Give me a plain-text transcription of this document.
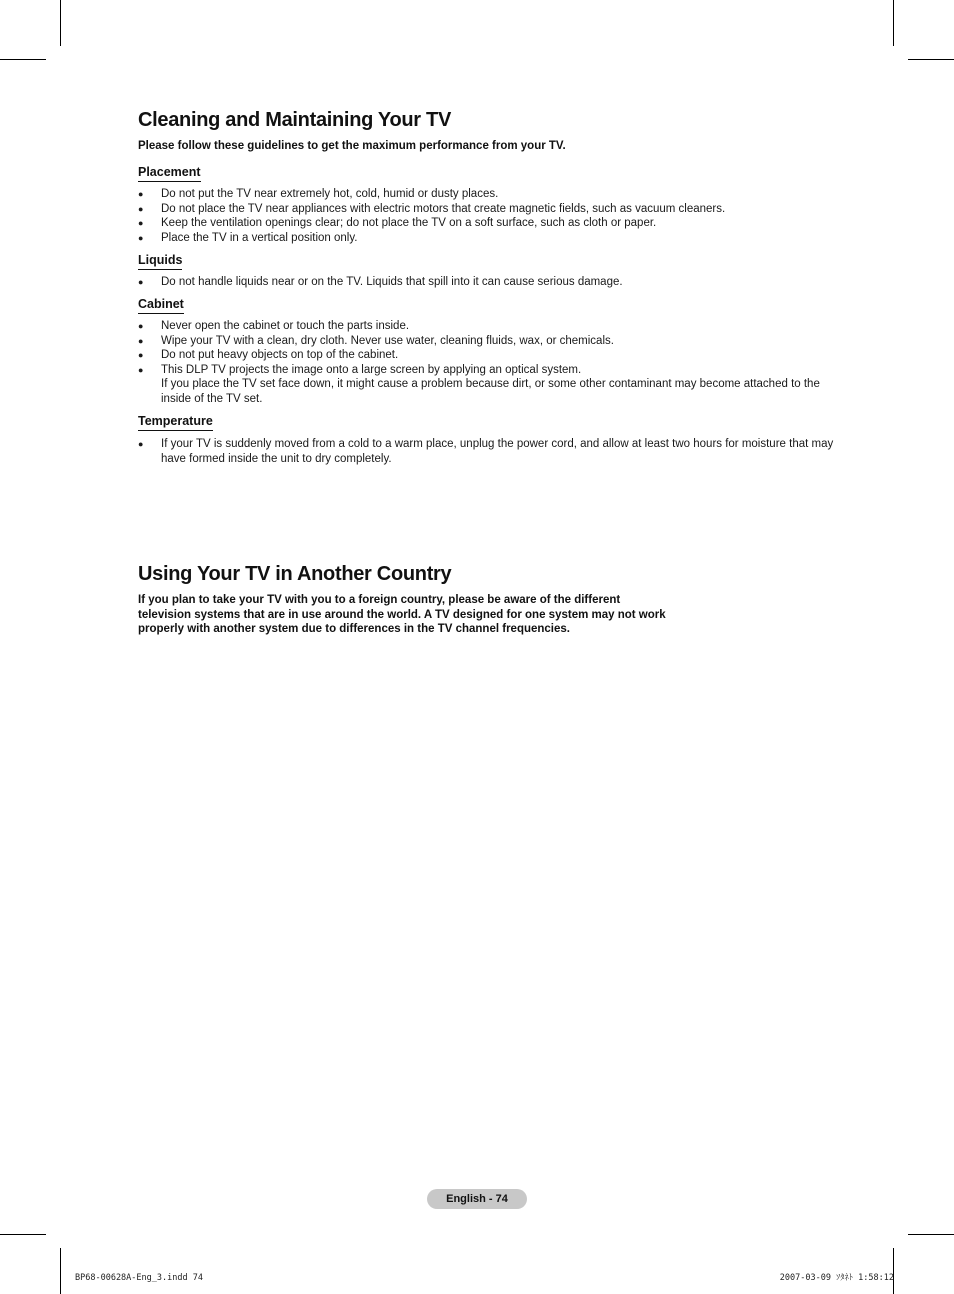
Cleaning and Maintaining Your TV

Please follow these guidelines to get the maximum performance from your TV.

Placement
● Do not put the TV near extremely hot, cold, humid or dusty places.
● Do not place the TV near appliances with electric motors that create magnetic fields, such as vacuum cleaners.
● Keep the ventilation openings clear; do not place the TV on a soft surface, such as cloth or paper.
● Place the TV in a vertical position only.
Liquids
● Do not handle liquids near or on the TV. Liquids that spill into it can cause serious damage.
Cabinet
● Never open the cabinet or touch the parts inside.
● Wipe your TV with a clean, dry cloth. Never use water, cleaning fluids, wax, or chemicals.
● Do not put heavy objects on top of the cabinet.
● This DLP TV projects the image onto a large screen by applying an optical system.
If you place the TV set face down, it might cause a problem because dirt, or some other contaminant may become attached to the inside of the TV set.
Temperature
● If your TV is suddenly moved from a cold to a warm place, unplug the power cord, and allow at least two hours for moisture that may have formed inside the unit to dry completely.
Using Your TV in Another Country

If you plan to take your TV with you to a foreign country, please be aware of the different

television systems that are in use around the world. A TV designed for one system may not work

properly with another system due to differences in the TV channel frequencies.

English - 74

BP68-00628A-Eng_3.indd 74	2007-03-09 ｿﾀﾈﾄ 1:58:12
